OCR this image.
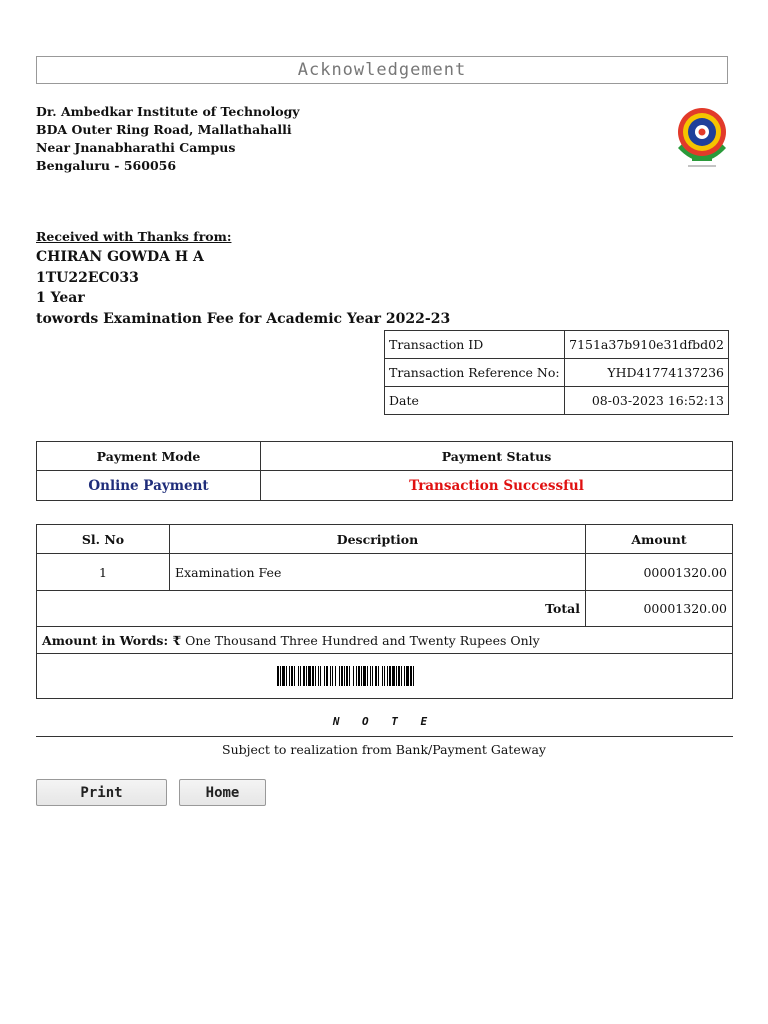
Acknowledgement
Dr. Ambedkar Institute of Technology
BDA Outer Ring Road, Mallathahalli
Near Jnanabharathi Campus
Bengaluru - 560056
Received with Thanks from:
CHIRAN GOWDA H A
1TU22EC033
1 Year
towords Examination Fee for Academic Year 2022-23
Transaction ID	7151a37b910e31dfbd02
Transaction Reference No:	YHD41774137236
Date	08-03-2023 16:52:13
Payment Mode	Payment Status
Online Payment	Transaction Successful
Sl. No	Description	Amount
1	Examination Fee	00001320.00
Total		00001320.00
Amount in Words: ₹ One Thousand Three Hundred and Twenty Rupees Only		

N O T E
Subject to realization from Bank/Payment Gateway
Print	Home
